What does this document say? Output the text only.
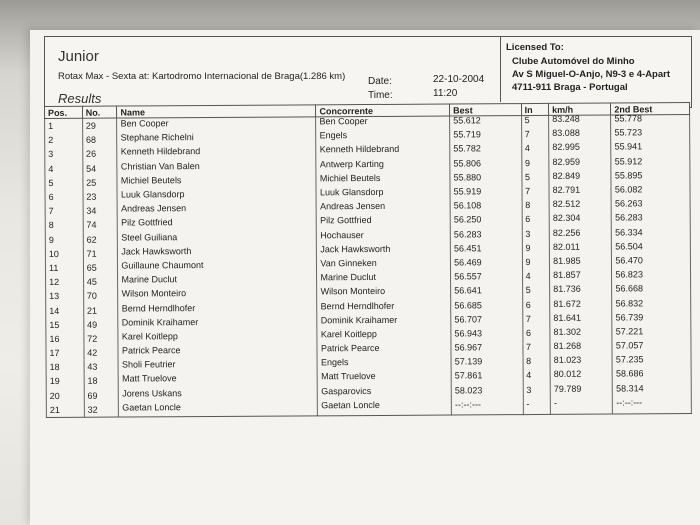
Junior
Rotax Max - Sexta at: Kartodromo Internacional de Braga(1.286 km)
Results
Date:
Time:
22-10-2004
11:20
Licensed To:
Clube Automóvel do Minho
Av S Miguel-O-Anjo, N9-3 e 4-Apart
4711-911 Braga - Portugal
Pos.	No.	Name	Concorrente	Best	In	km/h	2nd Best
1	29	Ben Cooper	Ben Cooper	55.612	5	83.248	55.778
2	68	Stephane Richelni	Engels	55.719	7	83.088	55.723
3	26	Kenneth Hildebrand	Kenneth Hildebrand	55.782	4	82.995	55.941
4	54	Christian Van Balen	Antwerp Karting	55.806	9	82.959	55.912
5	25	Michiel Beutels	Michiel Beutels	55.880	5	82.849	55.895
6	23	Luuk Glansdorp	Luuk Glansdorp	55.919	7	82.791	56.082
7	34	Andreas Jensen	Andreas Jensen	56.108	8	82.512	56.263
8	74	Pilz Gottfried	Pilz Gottfried	56.250	6	82.304	56.283
9	62	Steel Guiliana	Hochauser	56.283	3	82.256	56.334
10	71	Jack Hawksworth	Jack Hawksworth	56.451	9	82.011	56.504
11	65	Guillaune Chaumont	Van Ginneken	56.469	9	81.985	56.470
12	45	Marine Duclut	Marine Duclut	56.557	4	81.857	56.823
13	70	Wilson Monteiro	Wilson Monteiro	56.641	5	81.736	56.668
14	21	Bernd Herndlhofer	Bernd Herndlhofer	56.685	6	81.672	56.832
15	49	Dominik Kraihamer	Dominik Kraihamer	56.707	7	81.641	56.739
16	72	Karel Koitlepp	Karel Koitlepp	56.943	6	81.302	57.221
17	42	Patrick Pearce	Patrick Pearce	56.967	7	81.268	57.057
18	43	Sholi Feutrier	Engels	57.139	8	81.023	57.235
19	18	Matt Truelove	Matt Truelove	57.861	4	80.012	58.686
20	69	Jorens Uskans	Gasparovics	58.023	3	79.789	58.314
21	32	Gaetan Loncle	Gaetan Loncle	--:--:---	-	-	--:--:---
